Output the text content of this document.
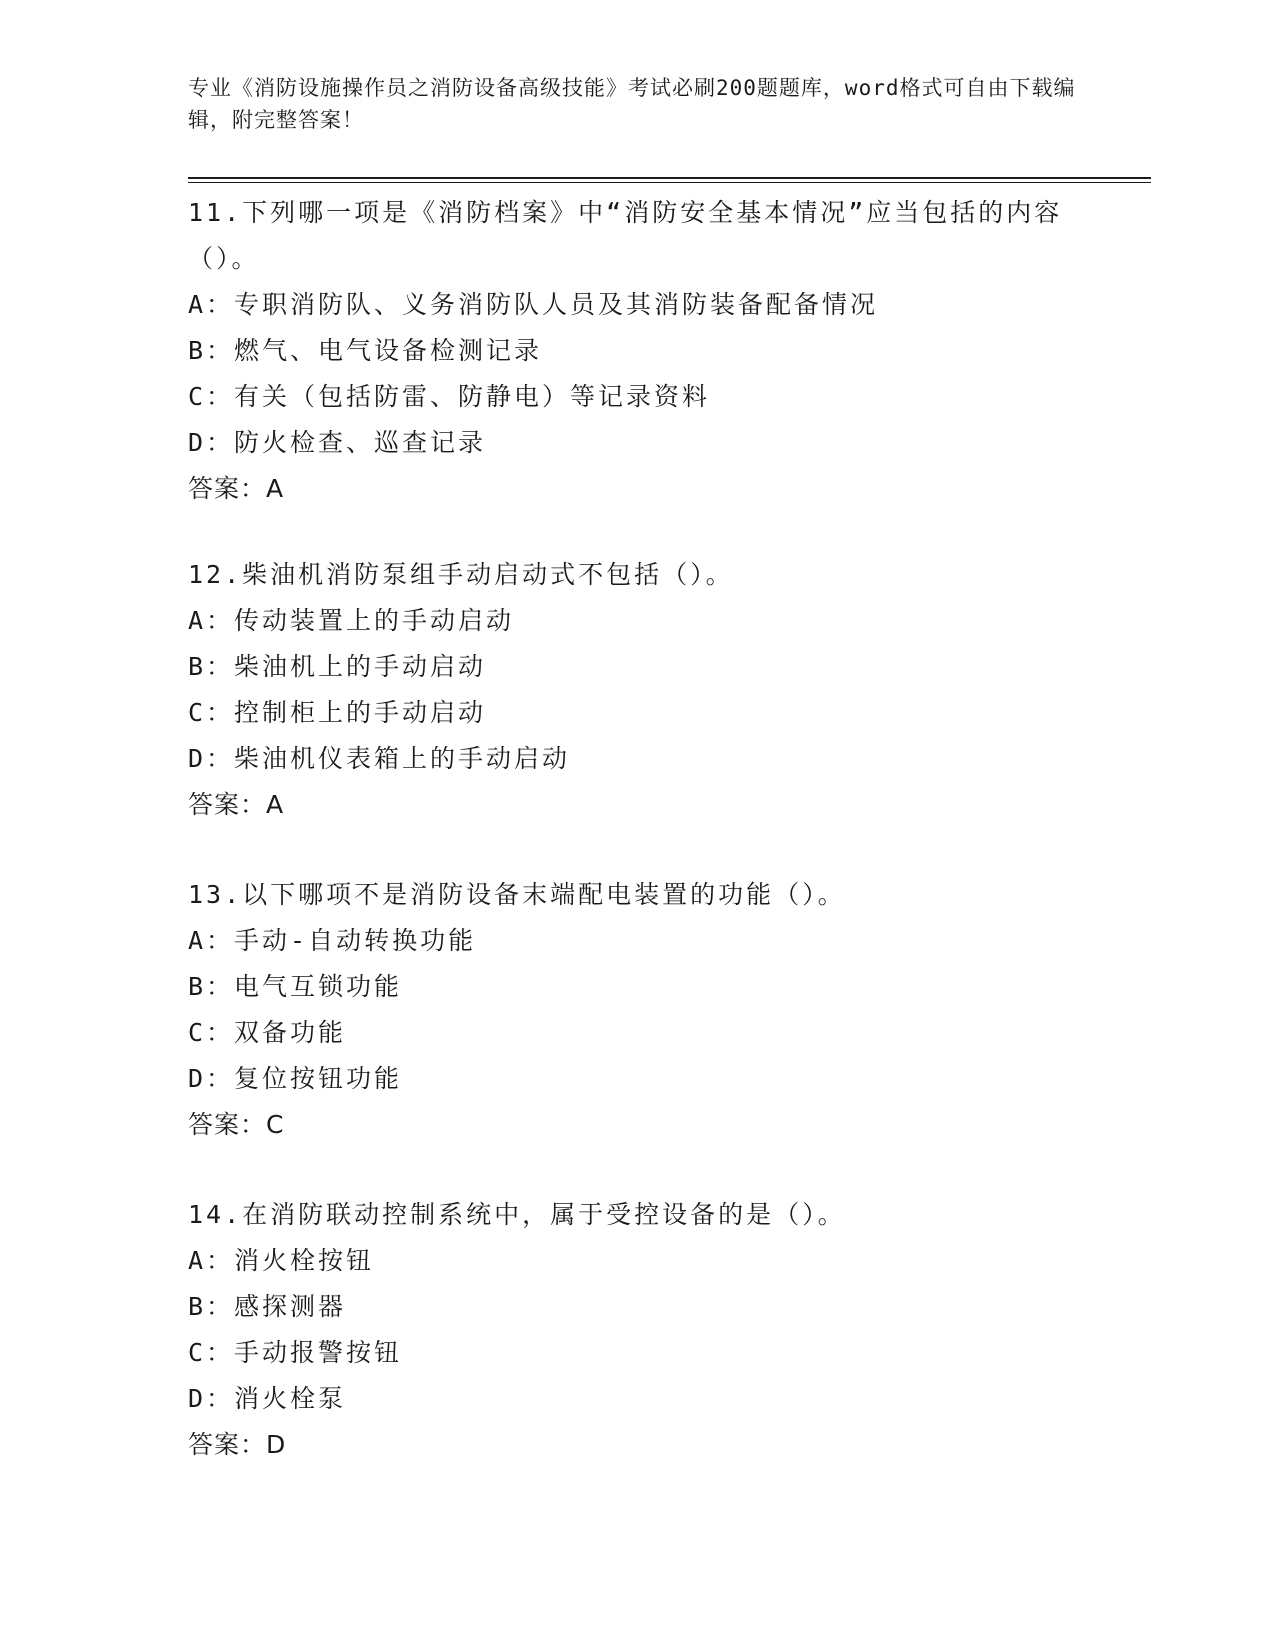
专业《消防设施操作员之消防设备高级技能》考试必刷200题题库，word格式可自由下载编辑，附完整答案！

11.下列哪一项是《消防档案》中“消防安全基本情况”应当包括的内容（）。

A：专职消防队、义务消防队人员及其消防装备配备情况

B：燃气、电气设备检测记录

C：有关（包括防雷、防静电）等记录资料

D：防火检查、巡查记录

答案：A

12.柴油机消防泵组手动启动式不包括（）。

A：传动装置上的手动启动

B：柴油机上的手动启动

C：控制柜上的手动启动

D：柴油机仪表箱上的手动启动

答案：A

13.以下哪项不是消防设备末端配电装置的功能（）。

A：手动-自动转换功能

B：电气互锁功能

C：双备功能

D：复位按钮功能

答案：C

14.在消防联动控制系统中，属于受控设备的是（）。

A：消火栓按钮

B：感探测器

C：手动报警按钮

D：消火栓泵

答案：D
